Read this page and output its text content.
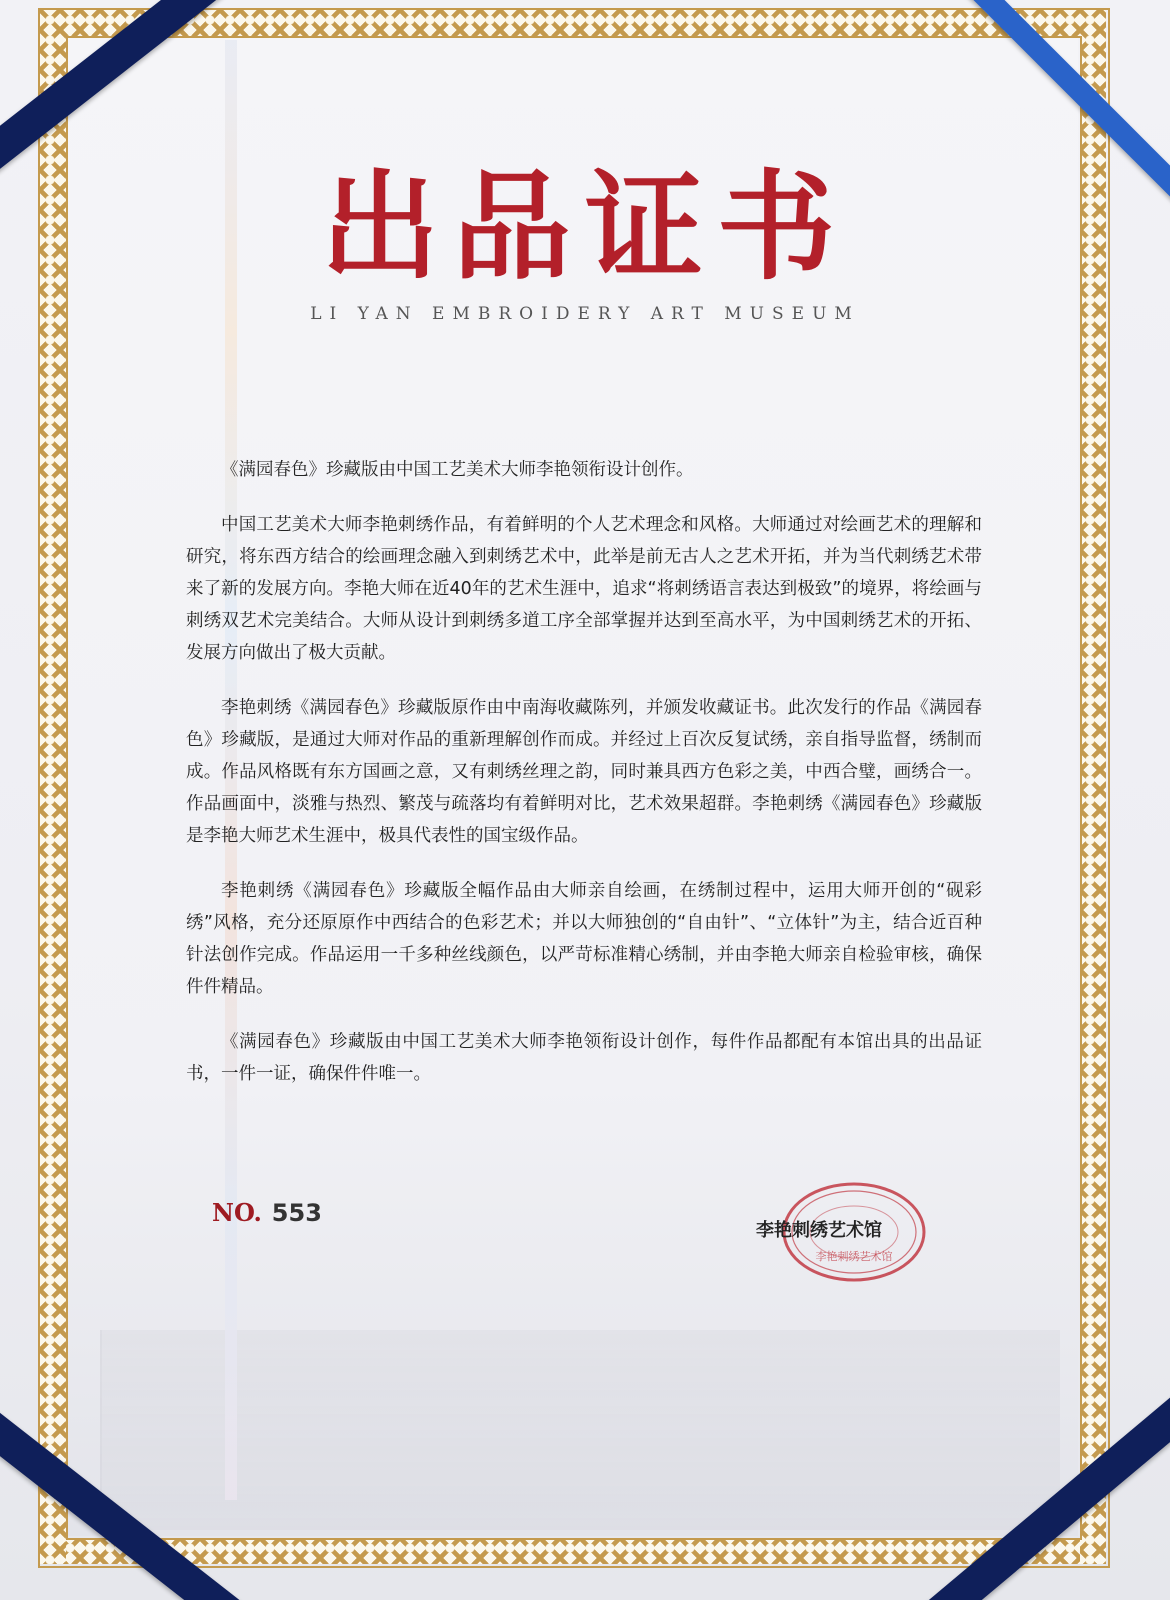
出品证书
LI YAN EMBROIDERY ART MUSEUM

《满园春色》珍藏版由中国工艺美术大师李艳领衔设计创作。

中国工艺美术大师李艳刺绣作品，有着鲜明的个人艺术理念和风格。大师通过对绘画艺术的理解和研究，将东西方结合的绘画理念融入到刺绣艺术中，此举是前无古人之艺术开拓，并为当代刺绣艺术带来了新的发展方向。李艳大师在近40年的艺术生涯中，追求“将刺绣语言表达到极致”的境界，将绘画与刺绣双艺术完美结合。大师从设计到刺绣多道工序全部掌握并达到至高水平，为中国刺绣艺术的开拓、发展方向做出了极大贡献。

李艳刺绣《满园春色》珍藏版原作由中南海收藏陈列，并颁发收藏证书。此次发行的作品《满园春色》珍藏版，是通过大师对作品的重新理解创作而成。并经过上百次反复试绣，亲自指导监督，绣制而成。作品风格既有东方国画之意，又有刺绣丝理之韵，同时兼具西方色彩之美，中西合璧，画绣合一。作品画面中，淡雅与热烈、繁茂与疏落均有着鲜明对比，艺术效果超群。李艳刺绣《满园春色》珍藏版是李艳大师艺术生涯中，极具代表性的国宝级作品。

李艳刺绣《满园春色》珍藏版全幅作品由大师亲自绘画，在绣制过程中，运用大师开创的“砚彩绣”风格，充分还原原作中西结合的色彩艺术；并以大师独创的“自由针”、“立体针”为主，结合近百种针法创作完成。作品运用一千多种丝线颜色，以严苛标准精心绣制，并由李艳大师亲自检验审核，确保件件精品。

《满园春色》珍藏版由中国工艺美术大师李艳领衔设计创作，每件作品都配有本馆出具的出品证书，一件一证，确保件件唯一。

NO. 553
李艳刺绣艺术馆
李艳刺绣艺术馆
